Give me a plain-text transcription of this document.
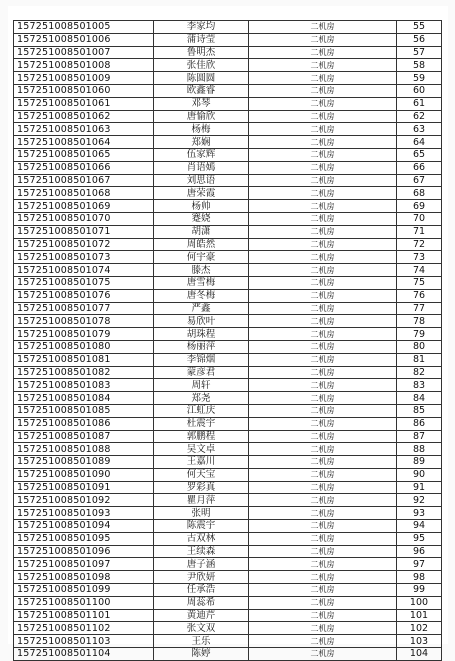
157251008501005	李家均	二机房	55
157251008501006	蒲诗莹	二机房	56
157251008501007	鲁明杰	二机房	57
157251008501008	张佳欣	二机房	58
157251008501009	陈圆圆	二机房	59
157251008501060	欧鑫睿	二机房	60
157251008501061	邓琴	二机房	61
157251008501062	唐愉欣	二机房	62
157251008501063	杨梅	二机房	63
157251008501064	郑娴	二机房	64
157251008501065	伍家辉	二机房	65
157251008501066	肖语嫣	二机房	66
157251008501067	刘思语	二机房	67
157251008501068	唐荣霞	二机房	68
157251008501069	杨帅	二机房	69
157251008501070	蹇娆	二机房	70
157251008501071	胡潇	二机房	71
157251008501072	周皓然	二机房	72
157251008501073	何宇豪	二机房	73
157251008501074	滕杰	二机房	74
157251008501075	唐雪梅	二机房	75
157251008501076	唐冬梅	二机房	76
157251008501077	严鑫	二机房	77
157251008501078	易欣叶	二机房	78
157251008501079	胡珠程	二机房	79
157251008501080	杨丽萍	二机房	80
157251008501081	李锦烟	二机房	81
157251008501082	蒙彦君	二机房	82
157251008501083	周轩	二机房	83
157251008501084	郑尧	二机房	84
157251008501085	江虹庆	二机房	85
157251008501086	杜震宇	二机房	86
157251008501087	郭鹏程	二机房	87
157251008501088	吴文卓	二机房	88
157251008501089	王嘉川	二机房	89
157251008501090	何天宝	二机房	90
157251008501091	罗彩真	二机房	91
157251008501092	瞿月萍	二机房	92
157251008501093	张明	二机房	93
157251008501094	陈震宇	二机房	94
157251008501095	古双林	二机房	95
157251008501096	王续森	二机房	96
157251008501097	唐子涵	二机房	97
157251008501098	尹欣妍	二机房	98
157251008501099	任承浩	二机房	99
157251008501100	周蕊希	二机房	100
157251008501101	黄迪芹	二机房	101
157251008501102	张文双	二机房	102
157251008501103	王乐	二机房	103
157251008501104	陈婷	二机房	104
